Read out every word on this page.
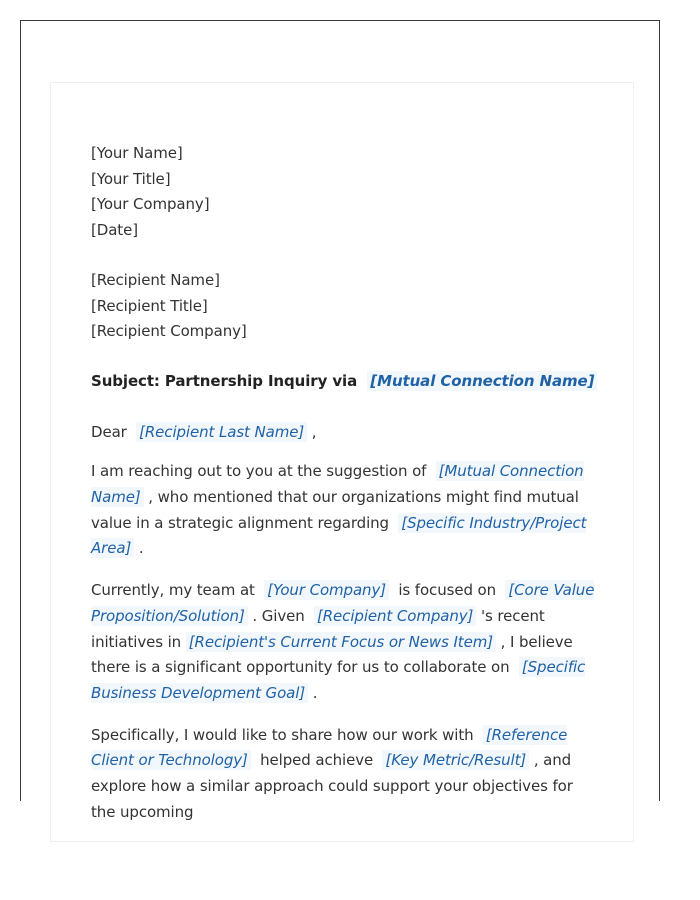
[Your Name]
[Your Title]
[Your Company]
[Date]
[Recipient Name]
[Recipient Title]
[Recipient Company]

Subject: Partnership Inquiry via [Mutual Connection Name]

Dear [Recipient Last Name] ,

I am reaching out to you at the suggestion of [Mutual Connection Name] , who mentioned that our organizations might find mutual value in a strategic alignment regarding [Specific Industry/Project Area] .

Currently, my team at [Your Company] is focused on [Core Value Proposition/Solution] . Given [Recipient Company] 's recent initiatives in [Recipient's Current Focus or News Item] , I believe there is a significant opportunity for us to collaborate on [Specific Business Development Goal] .

Specifically, I would like to share how our work with [Reference Client or Technology] helped achieve [Key Metric/Result] , and explore how a similar approach could support your objectives for the upcoming
